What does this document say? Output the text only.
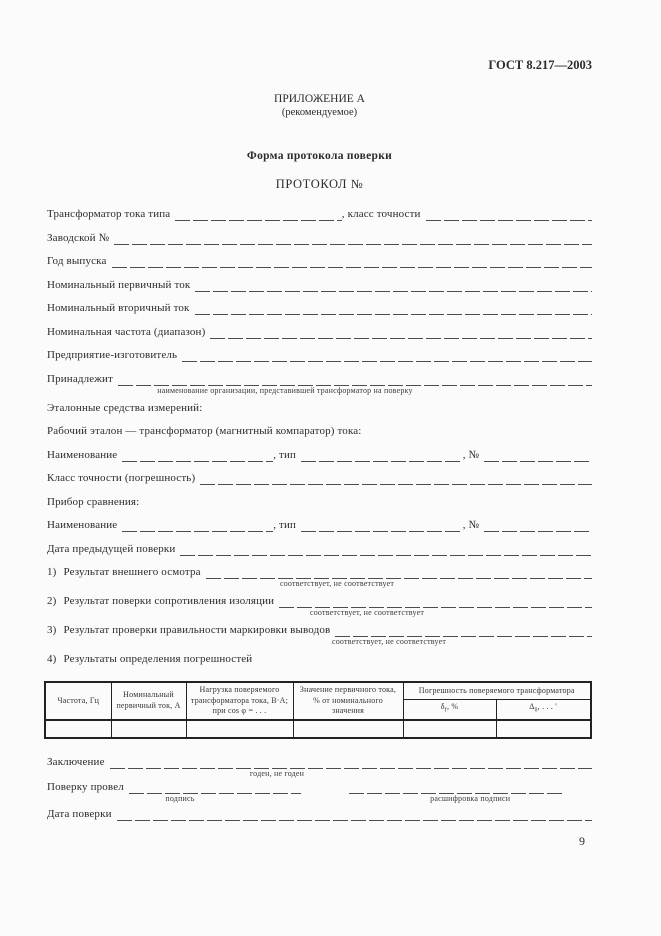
ГОСТ 8.217—2003
ПРИЛОЖЕНИЕ А
(рекомендуемое)
Форма протокола поверки
ПРОТОКОЛ №
Трансформатор тока типа	, класс точности
Заводской №
Год выпуска
Номинальный первичный ток
Номинальный вторичный ток
Номинальная частота (диапазон)
Предприятие-изготовитель
Принадлежит
наименование организации, представившей трансформатор на поверку
Эталонные средства измерений:
Рабочий эталон — трансформатор (магнитный компаратор) тока:
Наименование	, тип	, №
Класс точности (погрешность)
Прибор сравнения:
Наименование	, тип	, №
Дата предыдущей поверки
1) Результат внешнего осмотра
соответствует, не соответствует
2) Результат поверки сопротивления изоляции
соответствует, не соответствует
3) Результат проверки правильности маркировки выводов
соответствует, не соответствует
4) Результаты определения погрешностей
Частота, Гц	Номинальный первичный ток, А	Нагрузка поверяемого трансформатора тока, В·А; при cos φ = . . .	Значение первичного тока, % от номинального значения	Погрешность поверяемого трансформатора	
				$\delta_f$, %	$\Delta_\delta$, . . . ′

Заключение
годен, не годен
Поверку провел
подпись	расшифровка подписи
Дата поверки
9
